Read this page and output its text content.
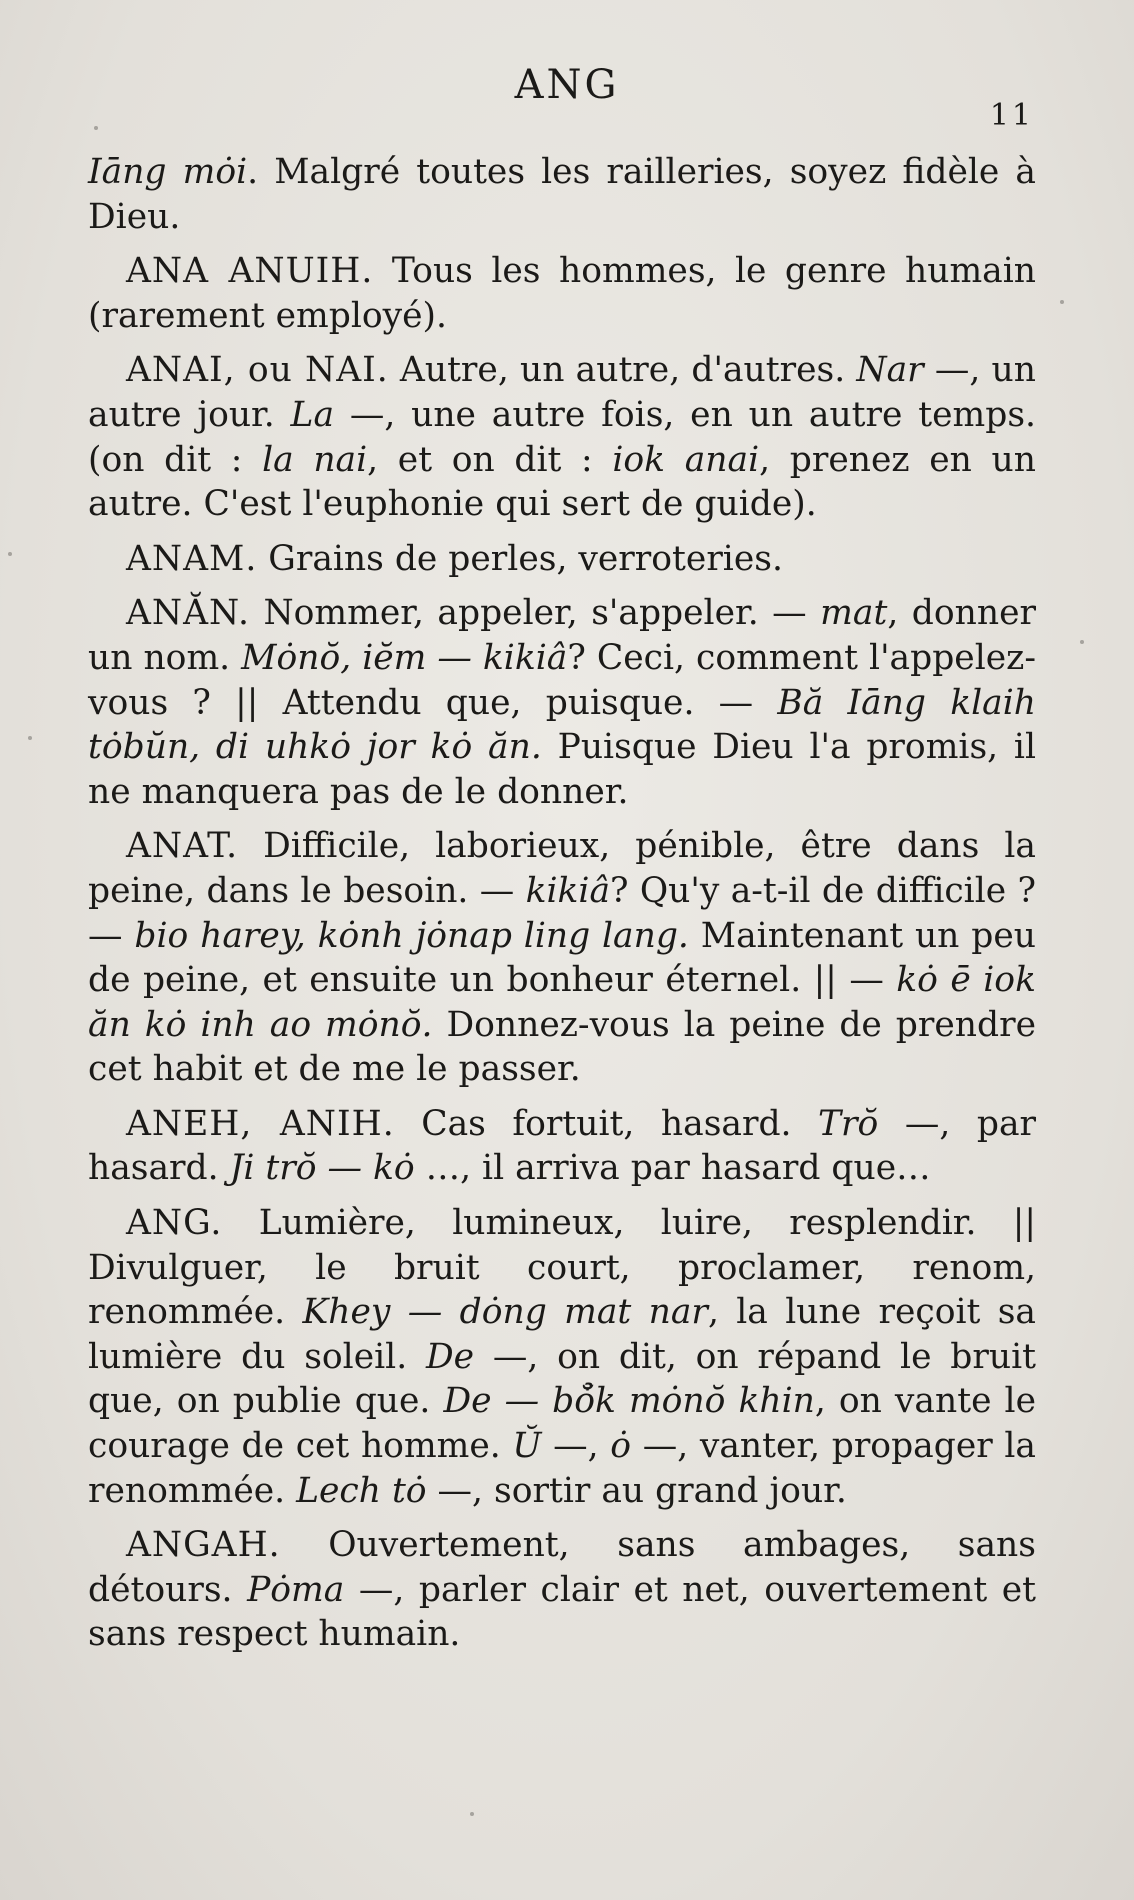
ANG
11

Iāng mȯi. Malgré toutes les railleries, soyez fidèle à Dieu.

ANA ANUIH. Tous les hommes, le genre humain (rarement employé).

ANAI, ou NAI. Autre, un autre, d'autres. Nar —, un autre jour. La —, une autre fois, en un autre temps. (on dit : la nai, et on dit : iok anai, prenez en un autre. C'est l'euphonie qui sert de guide).

ANAM. Grains de perles, verroteries.

ANĂN. Nommer, appeler, s'appeler. — mat, donner un nom. Mȯnŏ, iĕm — kikiâ? Ceci, comment l'appelez-vous ? || Attendu que, puisque. — Bă Iāng klaih tȯbŭn, di uhkȯ jor kȯ ăn. Puisque Dieu l'a promis, il ne manquera pas de le donner.

ANAT. Difficile, laborieux, pénible, être dans la peine, dans le besoin. — kikiâ? Qu'y a-t-il de difficile ? — bio harey, kȯnh jȯnap ling lang. Maintenant un peu de peine, et ensuite un bonheur éternel. || — kȯ ē iok ăn kȯ inh ao mȯnŏ. Donnez-vous la peine de prendre cet habit et de me le passer.

ANEH, ANIH. Cas fortuit, hasard. Trŏ —, par hasard. Ji trŏ — kȯ …, il arriva par hasard que…

ANG. Lumière, lumineux, luire, resplendir. || Divulguer, le bruit court, proclamer, renom, renommée. Khey — dȯng mat nar, la lune reçoit sa lumière du soleil. De —, on dit, on répand le bruit que, on publie que. De — bŏ̉k mȯnŏ khin, on vante le courage de cet homme. Ŭ —, ȯ —, vanter, propager la renommée. Lech tȯ —, sortir au grand jour.

ANGAH. Ouvertement, sans ambages, sans détours. Pȯma —, parler clair et net, ouvertement et sans respect humain.
